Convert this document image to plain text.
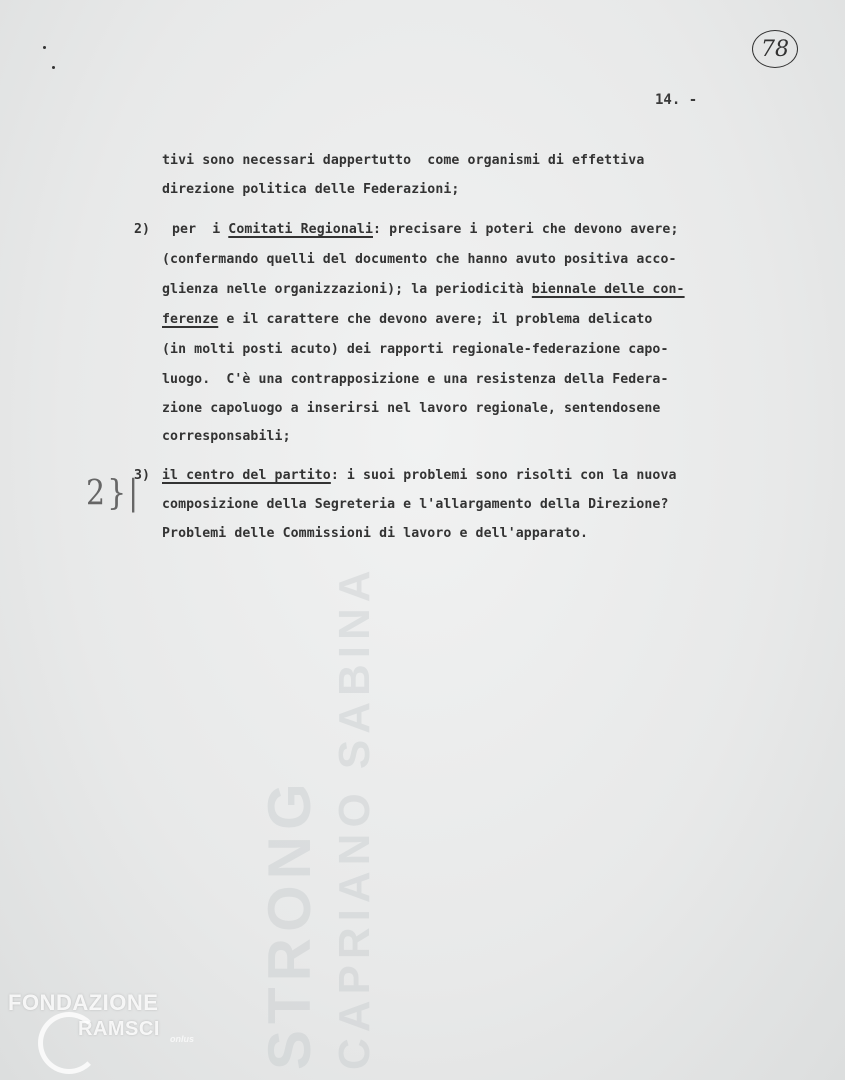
STRONG CAPRIANO SABINA
78
14. -
tivi sono necessari dappertutto  come organismi di effettiva
direzione politica delle Federazioni;
2) per  i Comitati Regionali: precisare i poteri che devono avere;
(confermando quelli del documento che hanno avuto positiva acco-
glienza nelle organizzazioni); la periodicità biennale delle con-
ferenze e il carattere che devono avere; il problema delicato
(in molti posti acuto) dei rapporti regionale-federazione capo-
luogo.  C'è una contrapposizione e una resistenza della Federa-
zione capoluogo a inserirsi nel lavoro regionale, sentendosene
corresponsabili;
3) il centro del partito: i suoi problemi sono risolti con la nuova
composizione della Segreteria e l'allargamento della Direzione?
Problemi delle Commissioni di lavoro e dell'apparato.
2}|
FONDAZIONE
RAMSCI onlus
